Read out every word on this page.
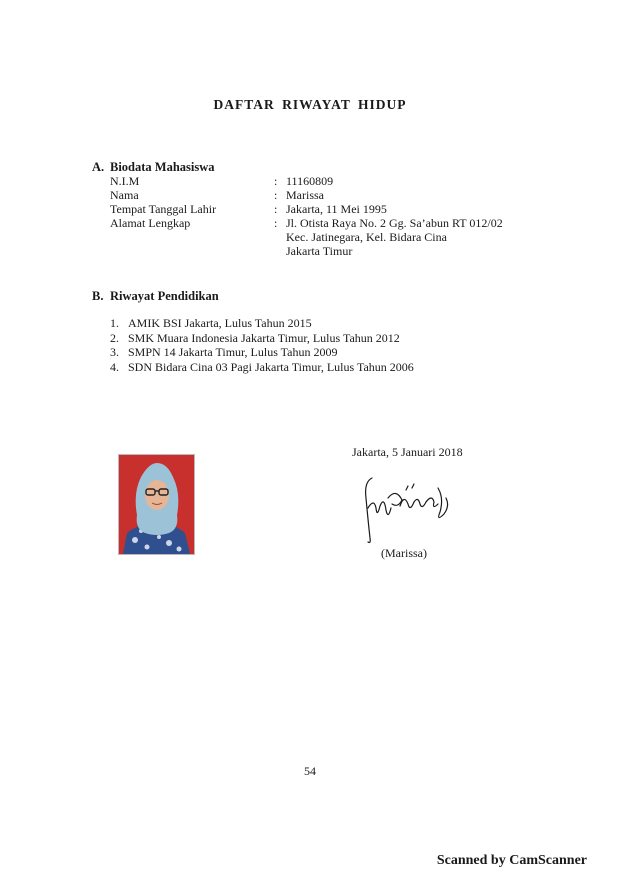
DAFTAR RIWAYAT HIDUP
A. Biodata Mahasiswa
N.I.M	: 11160809
Nama	: Marissa
Tempat Tanggal Lahir	: Jakarta, 11 Mei 1995
Alamat Lengkap	: Jl. Otista Raya No. 2 Gg. Sa’abun RT 012/02
Kec. Jatinegara, Kel. Bidara Cina
Jakarta Timur
B. Riwayat Pendidikan
1. AMIK BSI Jakarta, Lulus Tahun 2015
2. SMK Muara Indonesia Jakarta Timur, Lulus Tahun 2012
3. SMPN 14 Jakarta Timur, Lulus Tahun 2009
4. SDN Bidara Cina 03 Pagi Jakarta Timur, Lulus Tahun 2006
Jakarta, 5 Januari 2018
(Marissa)
54
Scanned by CamScanner
